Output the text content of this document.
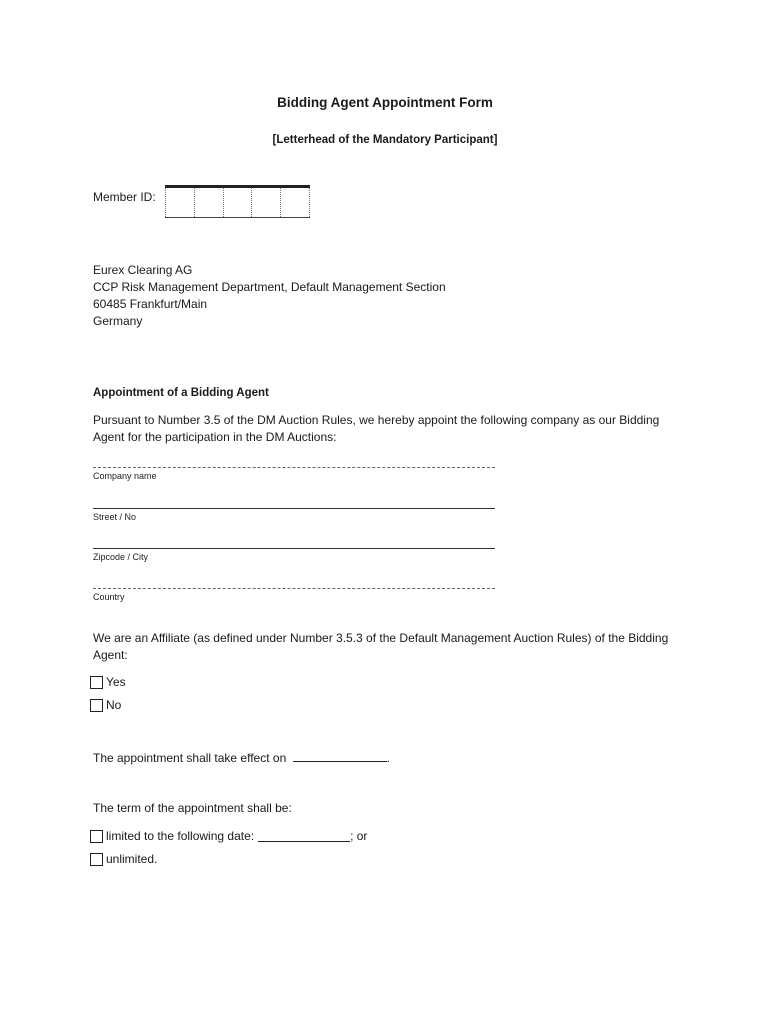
Bidding Agent Appointment Form
[Letterhead of the Mandatory Participant]
Member ID:
Eurex Clearing AG
CCP Risk Management Department, Default Management Section
60485 Frankfurt/Main
Germany
Appointment of a Bidding Agent
Pursuant to Number 3.5 of the DM Auction Rules, we hereby appoint the following company as our Bidding Agent for the participation in the DM Auctions:
Company name
Street / No
Zipcode / City
Country
We are an Affiliate (as defined under Number 3.5.3 of the Default Management Auction Rules) of the Bidding Agent:
Yes
No
The appointment shall take effect on	.
The term of the appointment shall be:
limited to the following date:	; or
unlimited.
